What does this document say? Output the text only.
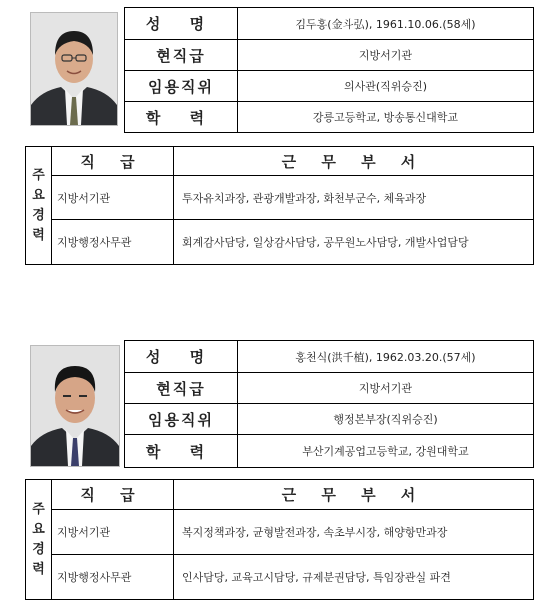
성 명	김두홍(金斗弘), 1961.10.06.(58세)
현직급	지방서기관
임용직위	의사관(직위승진)
학 력	강릉고등학교, 방송통신대학교
주요경력	직 급	근 무 부 서
	지방서기관	투자유치과장, 관광개발과장, 화천부군수, 체육과장
	지방행정사무관	회계감사담당, 일상감사담당, 공무원노사담당, 개발사업담당
성 명	홍천식(洪千植), 1962.03.20.(57세)
현직급	지방서기관
임용직위	행정본부장(직위승진)
학 력	부산기계공업고등학교, 강원대학교
주요경력	직 급	근 무 부 서
	지방서기관	복지정책과장, 균형발전과장, 속초부시장, 해양항만과장
	지방행정사무관	인사담당, 교육고시담당, 규제분권담당, 특임장관실 파견
